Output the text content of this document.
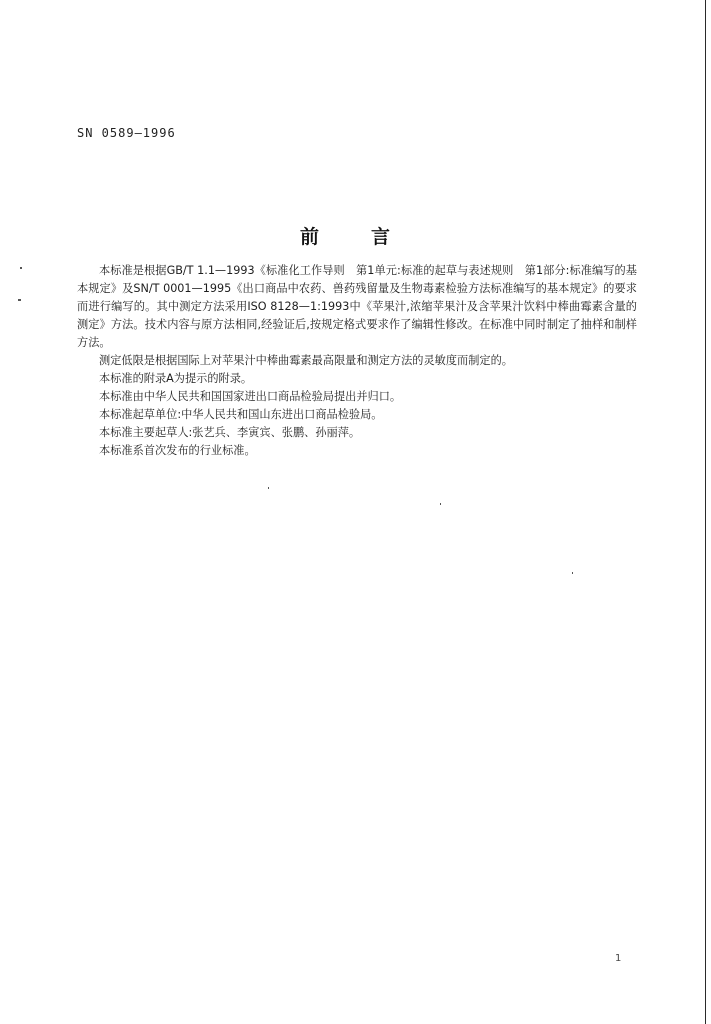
SN 0589—1996
前言

本标准是根据GB/T 1.1—1993《标准化工作导则　第1单元:标准的起草与表述规则　第1部分:标准编写的基本规定》及SN/T 0001—1995《出口商品中农药、兽药残留量及生物毒素检验方法标准编写的基本规定》的要求而进行编写的。其中测定方法采用ISO 8128—1:1993中《苹果汁,浓缩苹果汁及含苹果汁饮料中棒曲霉素含量的测定》方法。技术内容与原方法相同,经验证后,按规定格式要求作了编辑性修改。在标准中同时制定了抽样和制样方法。

测定低限是根据国际上对苹果汁中棒曲霉素最高限量和测定方法的灵敏度而制定的。

本标准的附录A为提示的附录。

本标准由中华人民共和国国家进出口商品检验局提出并归口。

本标准起草单位:中华人民共和国山东进出口商品检验局。

本标准主要起草人:张艺兵、李寅宾、张鹏、孙丽萍。

本标准系首次发布的行业标准。

1
